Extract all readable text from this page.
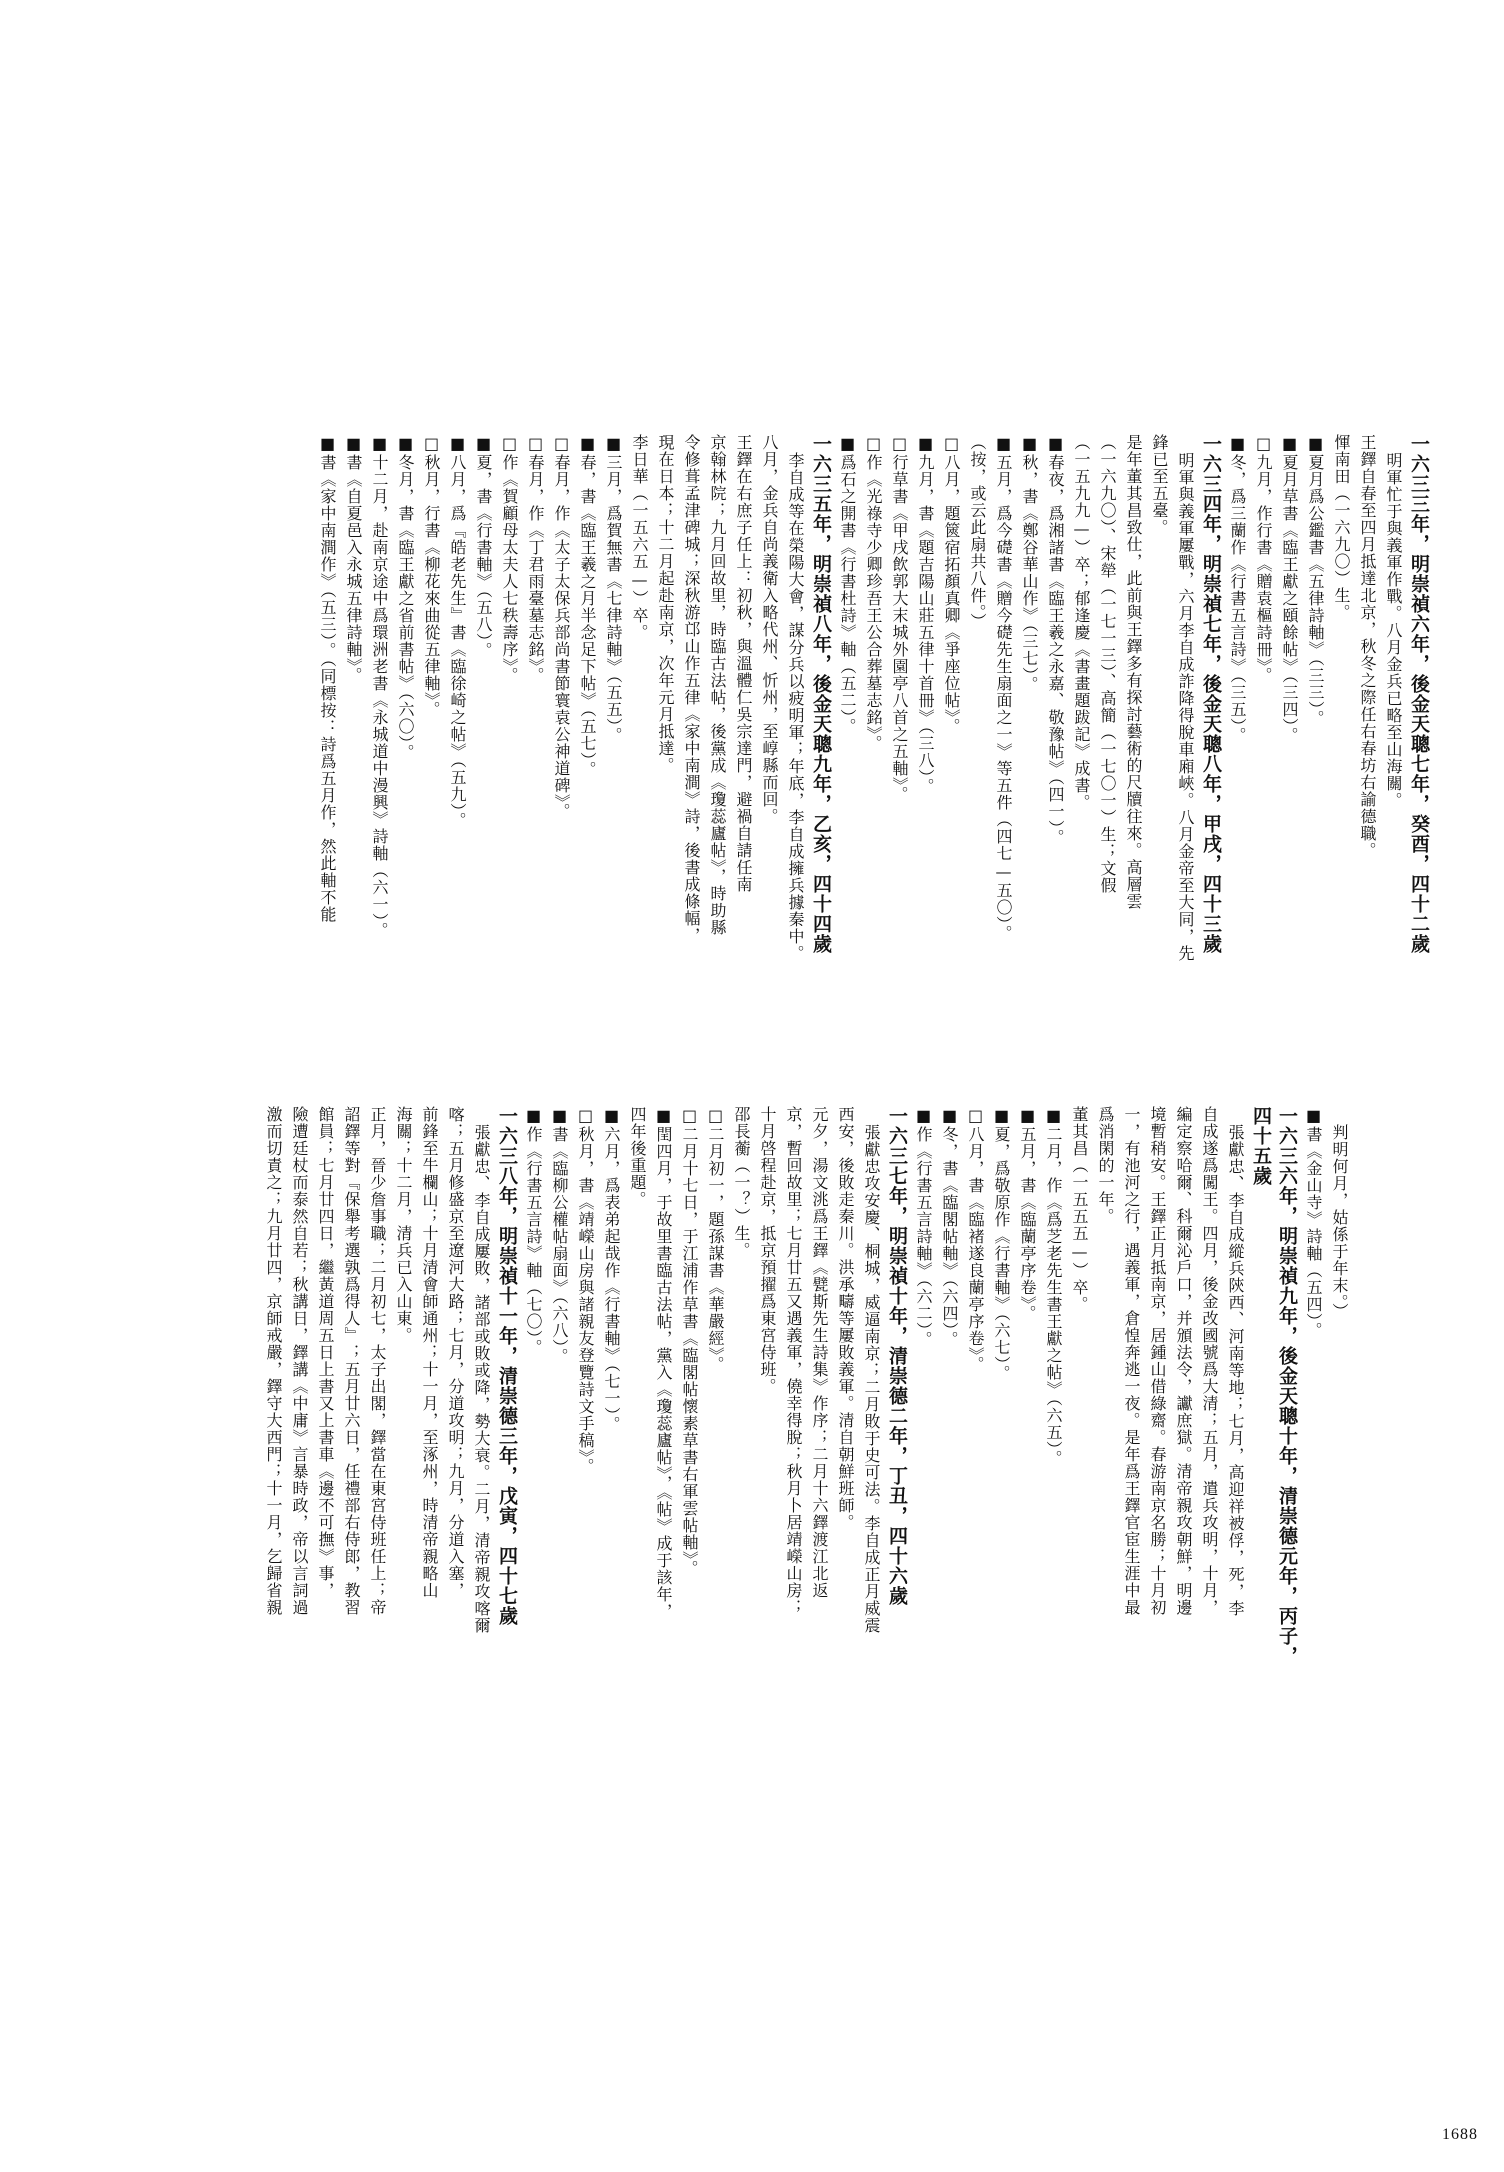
一六三三年，明崇禎六年，後金天聰七年，癸酉，四十二歲
明軍忙于與義軍作戰。八月金兵已略至山海關。
王鐸自春至四月抵達北京，秋冬之際任右春坊右諭德職。
惲南田（一六九〇）生。
■夏月爲公鑑書《五律詩軸》（三三）。
■夏月草書《臨王獻之頤餘帖》（三四）。
□九月，作行書《贈袁樞詩冊》。
■冬，爲三蘭作《行書五言詩》（三五）。
一六三四年，明崇禎七年，後金天聰八年，甲戌，四十三歲
明軍與義軍屢戰，六月李自成詐降得脫車廂峽。八月金帝至大同，先
鋒已至五臺。
是年董其昌致仕，此前與王鐸多有探討藝術的尺牘往來。高層雲
（一六九〇）、宋犖（一七一三）、高簡（一七〇一）生；文假
（一五九九—）卒；郁逢慶《書畫題跋記》成書。
■春夜，爲湘諸書《臨王羲之永嘉、敬豫帖》（四一）。
■秋，書《鄭谷華山作》（三七）。
■五月，爲今礎書《贈今礎先生扇面之一》等五件（四七—五〇）。
（按，或云此扇共八件。）
□八月，題篋宿拓顏真卿《爭座位帖》。
■九月，書《題吉陽山莊五律十首冊》（三八）。
□行草書《甲戌飲郭大末城外園亭八首之五軸》。
□作《光祿寺少卿珍吾王公合葬墓志銘》。
■爲石之開書《行書杜詩》軸（五二）。
一六三五年，明崇禎八年，後金天聰九年，乙亥，四十四歲
李自成等在榮陽大會，謀分兵以疲明軍；年底，李自成擁兵據秦中。
八月，金兵自尚義衛入略代州、忻州，至崞縣而回。
王鐸在右庶子任上：初秋，與溫體仁吳宗達門，避禍自請任南
京翰林院；九月回故里，時臨古法帖，後黨成《瓊蕊廬帖》，時助縣
令修葺孟津碑城；深秋游邙山作五律《家中南澗》詩，後書成條幅，
現在日本；十二月起赴南京，次年元月抵達。
李日華（一五六五—）卒。
■三月，爲賀無書《七律詩軸》（五五）。
■春，書《臨王羲之月半念足下帖》（五七）。
□春月，作《太子太保兵部尚書節寰袁公神道碑》。
□春月，作《丁君雨臺墓志銘》。
□作《賀顧母太夫人七秩壽序》。
■夏，書《行書軸》（五八）。
■八月，爲『皓老先生』書《臨徐崎之帖》（五九）。
□秋月，行書《柳花來曲從五律軸》。
■冬月，書《臨王獻之省前書帖》（六〇）。
■十二月，赴南京途中爲環洲老書《永城道中漫興》詩軸（六一）。
■書《自夏邑入永城五律詩軸》。
■書《家中南澗作》（五三）。（同標按：詩爲五月作，然此軸不能
判明何月，姑係于年末。）
■書《金山寺》詩軸（五四）。
一六三六年，明崇禎九年，後金天聰十年，清崇德元年，丙子，
四十五歲
張獻忠、李自成縱兵陝西、河南等地；七月，高迎祥被俘，死，李
自成遂爲闖王。四月，後金改國號爲大清；五月，遣兵攻明，十月，
編定察哈爾、科爾沁戶口，并頒法令，讞庶獄。清帝親攻朝鮮，明邊
境暫稍安。王鐸正月抵南京，居鍾山借綠齋。春游南京名勝；十月初
一，有池河之行，遇義軍，倉惶奔逃一夜。是年爲王鐸官宦生涯中最
爲消閑的一年。
董其昌（一五五五—）卒。
■二月，作《爲芝老先生書王獻之帖》（六五）。
■五月，書《臨蘭亭序卷》。
■夏，爲敬原作《行書軸》（六七）。
□八月，書《臨褚遂良蘭亭序卷》。
■冬，書《臨閣帖軸》（六四）。
■作《行書五言詩軸》（六二）。
一六三七年，明崇禎十年，清崇德二年，丁丑，四十六歲
張獻忠攻安慶、桐城，威逼南京；二月敗于史可法。李自成正月威震
西安，後敗走秦川。洪承疇等屢敗義軍。清自朝鮮班師。
元夕，湯文洮爲王鐸《甓斯先生詩集》作序；二月十六鐸渡江北返
京，暫回故里；七月廿五又遇義軍，僥幸得脫；秋月卜居靖嶸山房；
十月啓程赴京，抵京預擢爲東宮侍班。
邵長蘅（一？）生。
□二月初一，題孫謀書《華嚴經》。
□二月十七日，于江浦作草書《臨閣帖懷素草書右軍雲帖軸》。
■閏四月，于故里書臨古法帖，黨入《瓊蕊廬帖》，《帖》成于該年，
四年後重題。
■六月，爲表弟起哉作《行書軸》（七一）。
□秋月，書《靖嶸山房與諸親友登覽詩文手稿》。
■書《臨柳公權帖扇面》（六八）。
■作《行書五言詩》軸（七〇）。
一六三八年，明崇禎十一年，清崇德三年，戊寅，四十七歲
張獻忠、李自成屢敗，諸部或敗或降，勢大衰。二月，清帝親攻喀爾
喀；五月修盛京至遼河大路；七月，分道攻明；九月，分道入塞，
前鋒至牛欄山；十月清會師通州；十一月，至涿州，時清帝親略山
海關；十二月，清兵已入山東。
正月，晉少詹事職；二月初七，太子出閣，鐸當在東宮侍班任上；帝
詔鐸等對『保舉考選孰爲得人』；五月廿六日，任禮部右侍郎，教習
館員；七月廿四日，繼黃道周五日上書又上書車《邊不可撫》事，
險遭廷杖而泰然自若；秋講日，鐸講《中庸》言暴時政，帝以言詞過
激而切責之；九月廿四，京師戒嚴，鐸守大西門；十一月，乞歸省親
1688
